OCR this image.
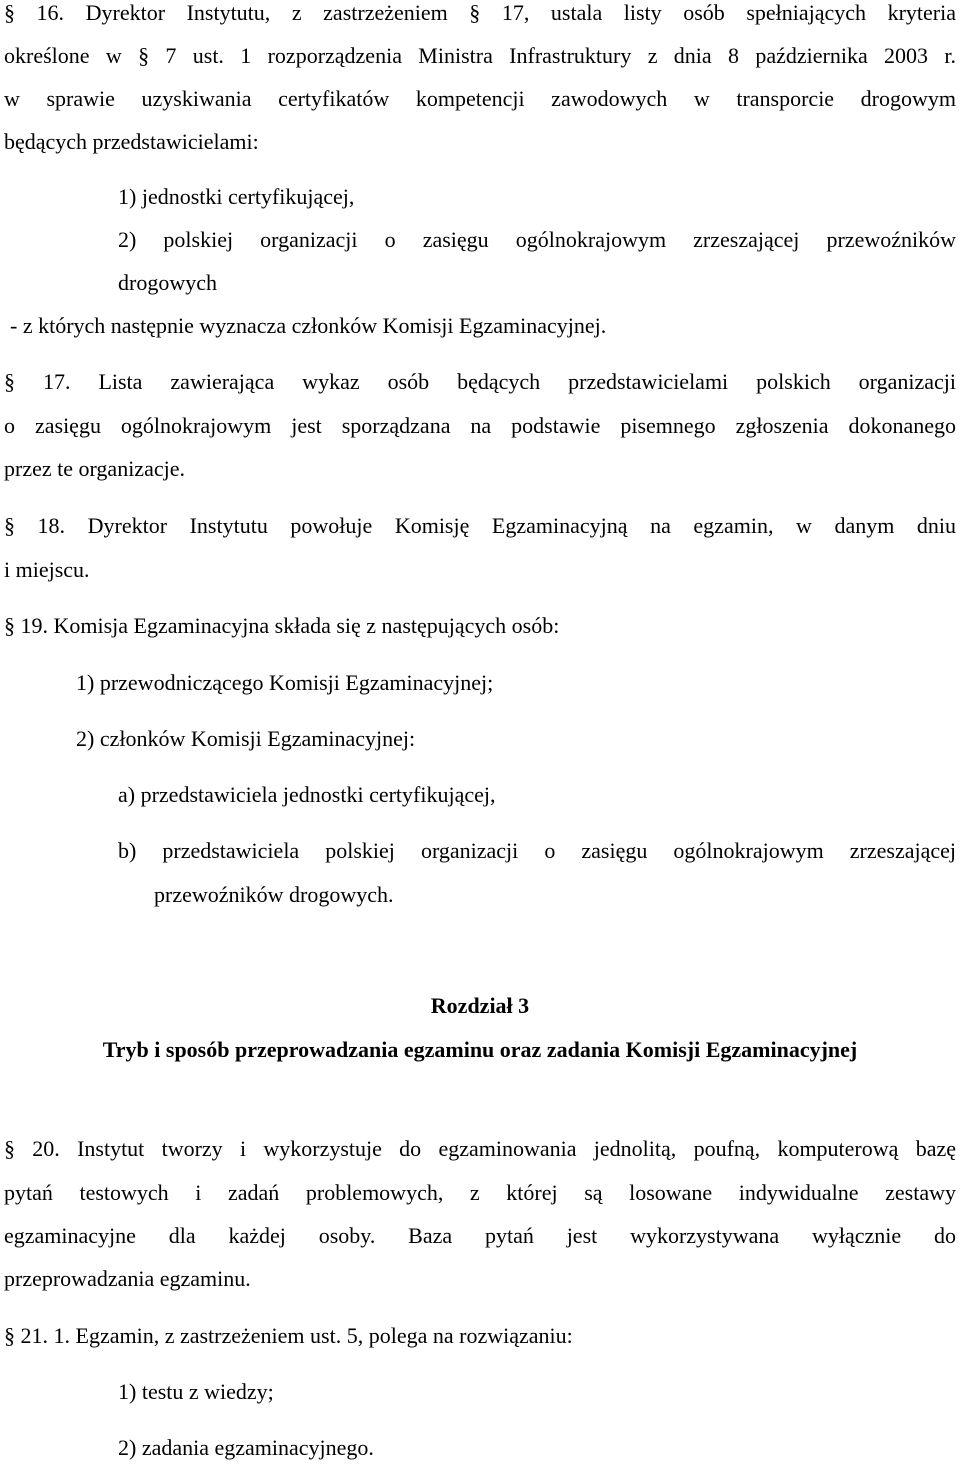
§ 16. Dyrektor Instytutu, z zastrzeżeniem § 17, ustala listy osób spełniających kryteria
określone w § 7 ust. 1 rozporządzenia Ministra Infrastruktury z dnia 8 października 2003 r.
w sprawie uzyskiwania certyfikatów kompetencji zawodowych w transporcie drogowym
będących przedstawicielami:
1) jednostki certyfikującej,
2) polskiej organizacji o zasięgu ogólnokrajowym zrzeszającej przewoźników
drogowych
- z których następnie wyznacza członków Komisji Egzaminacyjnej.
§ 17. Lista zawierająca wykaz osób będących przedstawicielami polskich organizacji
o zasięgu ogólnokrajowym jest sporządzana na podstawie pisemnego zgłoszenia dokonanego
przez te organizacje.
§ 18. Dyrektor Instytutu powołuje Komisję Egzaminacyjną na egzamin, w danym dniu
i miejscu.
§ 19. Komisja Egzaminacyjna składa się z następujących osób:
1) przewodniczącego Komisji Egzaminacyjnej;
2) członków Komisji Egzaminacyjnej:
a) przedstawiciela jednostki certyfikującej,
b) przedstawiciela polskiej organizacji o zasięgu ogólnokrajowym zrzeszającej
przewoźników drogowych.
Rozdział 3
Tryb i sposób przeprowadzania egzaminu oraz zadania Komisji Egzaminacyjnej
§ 20. Instytut tworzy i wykorzystuje do egzaminowania jednolitą, poufną, komputerową bazę
pytań testowych i zadań problemowych, z której są losowane indywidualne zestawy
egzaminacyjne dla każdej osoby. Baza pytań jest wykorzystywana wyłącznie do
przeprowadzania egzaminu.
§ 21. 1. Egzamin, z zastrzeżeniem ust. 5, polega na rozwiązaniu:
1) testu z wiedzy;
2) zadania egzaminacyjnego.
